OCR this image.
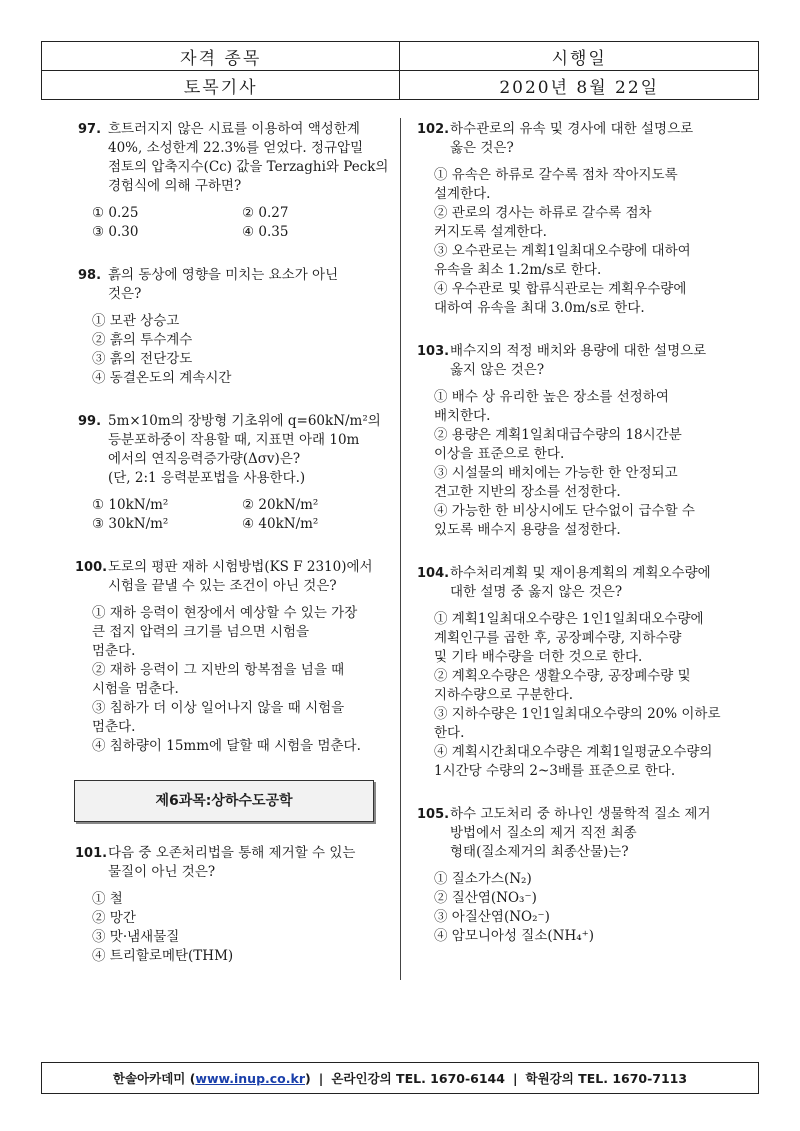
자격 종목	시행일
토목기사	2020년 8월 22일
97. 흐트러지지 않은 시료를 이용하여 액성한계
40%, 소성한계 22.3%를 얻었다. 정규압밀
점토의 압축지수(Cc) 값을 Terzaghi와 Peck의
경험식에 의해 구하면?
① 0.25	② 0.27
③ 0.30	④ 0.35
98. 흙의 동상에 영향을 미치는 요소가 아닌
것은?
① 모관 상승고
② 흙의 투수계수
③ 흙의 전단강도
④ 동결온도의 계속시간
99. 5m×10m의 장방형 기초위에 q=60kN/m²의
등분포하중이 작용할 때, 지표면 아래 10m
에서의 연직응력증가량(Δσv)은?
(단, 2:1 응력분포법을 사용한다.)
① 10kN/m²	② 20kN/m²
③ 30kN/m²	④ 40kN/m²
100. 도로의 평판 재하 시험방법(KS F 2310)에서
시험을 끝낼 수 있는 조건이 아닌 것은?
① 재하 응력이 현장에서 예상할 수 있는 가장
큰 접지 압력의 크기를 넘으면 시험을
멈춘다.
② 재하 응력이 그 지반의 항복점을 넘을 때
시험을 멈춘다.
③ 침하가 더 이상 일어나지 않을 때 시험을
멈춘다.
④ 침하량이 15mm에 달할 때 시험을 멈춘다.
제6과목:상하수도공학
101. 다음 중 오존처리법을 통해 제거할 수 있는
물질이 아닌 것은?
① 철
② 망간
③ 맛·냄새물질
④ 트리할로메탄(THM)
102. 하수관로의 유속 및 경사에 대한 설명으로
옳은 것은?
① 유속은 하류로 갈수록 점차 작아지도록
설계한다.
② 관로의 경사는 하류로 갈수록 점차
커지도록 설계한다.
③ 오수관로는 계획1일최대오수량에 대하여
유속을 최소 1.2m/s로 한다.
④ 우수관로 및 합류식관로는 계획우수량에
대하여 유속을 최대 3.0m/s로 한다.
103. 배수지의 적정 배치와 용량에 대한 설명으로
옳지 않은 것은?
① 배수 상 유리한 높은 장소를 선정하여
배치한다.
② 용량은 계획1일최대급수량의 18시간분
이상을 표준으로 한다.
③ 시설물의 배치에는 가능한 한 안정되고
견고한 지반의 장소를 선정한다.
④ 가능한 한 비상시에도 단수없이 급수할 수
있도록 배수지 용량을 설정한다.
104. 하수처리계획 및 재이용계획의 계획오수량에
대한 설명 중 옳지 않은 것은?
① 계획1일최대오수량은 1인1일최대오수량에
계획인구를 곱한 후, 공장폐수량, 지하수량
및 기타 배수량을 더한 것으로 한다.
② 계획오수량은 생활오수량, 공장폐수량 및
지하수량으로 구분한다.
③ 지하수량은 1인1일최대오수량의 20% 이하로
한다.
④ 계획시간최대오수량은 계획1일평균오수량의
1시간당 수량의 2~3배를 표준으로 한다.
105. 하수 고도처리 중 하나인 생물학적 질소 제거
방법에서 질소의 제거 직전 최종
형태(질소제거의 최종산물)는?
① 질소가스(N₂)
② 질산염(NO₃⁻)
③ 아질산염(NO₂⁻)
④ 암모니아성 질소(NH₄⁺)
한솔아카데미 ( www.inup.co.kr ) | 온라인강의 TEL. 1670-6144 | 학원강의 TEL. 1670-7113
